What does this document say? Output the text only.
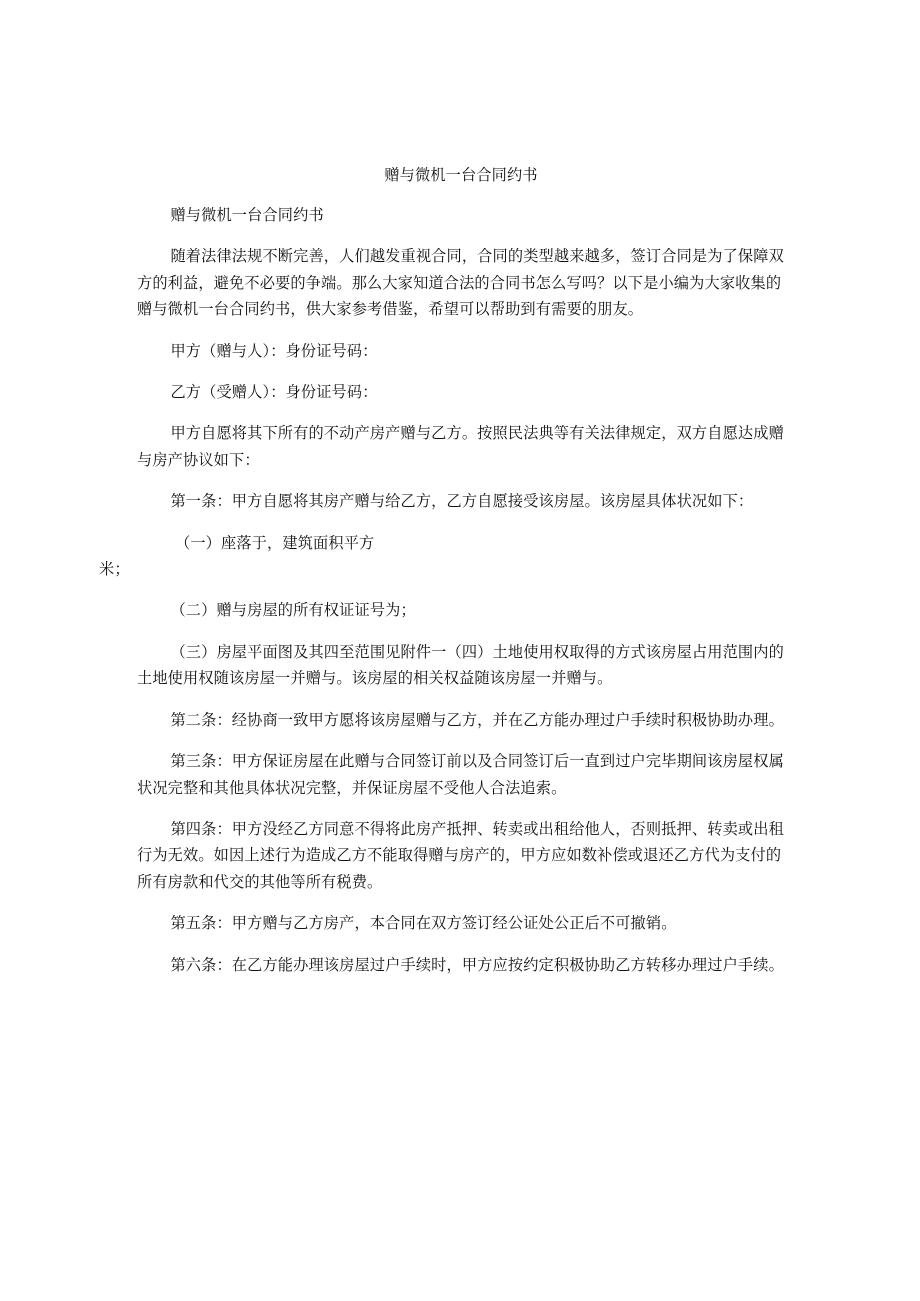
赠与微机一台合同约书

赠与微机一台合同约书

随着法律法规不断完善，人们越发重视合同，合同的类型越来越多，签订合同是为了保障双方的利益，避免不必要的争端。那么大家知道合法的合同书怎么写吗？以下是小编为大家收集的赠与微机一台合同约书，供大家参考借鉴，希望可以帮助到有需要的朋友。

甲方（赠与人）：身份证号码：

乙方（受赠人）：身份证号码：

甲方自愿将其下所有的不动产房产赠与乙方。按照民法典等有关法律规定，双方自愿达成赠与房产协议如下：

第一条：甲方自愿将其房产赠与给乙方，乙方自愿接受该房屋。该房屋具体状况如下：

（一）座落于，建筑面积平方
米；

（二）赠与房屋的所有权证证号为；

（三）房屋平面图及其四至范围见附件一（四）土地使用权取得的方式该房屋占用范围内的土地使用权随该房屋一并赠与。该房屋的相关权益随该房屋一并赠与。

第二条：经协商一致甲方愿将该房屋赠与乙方，并在乙方能办理过户手续时积极协助办理。

第三条：甲方保证房屋在此赠与合同签订前以及合同签订后一直到过户完毕期间该房屋权属状况完整和其他具体状况完整，并保证房屋不受他人合法追索。

第四条：甲方没经乙方同意不得将此房产抵押、转卖或出租给他人，否则抵押、转卖或出租行为无效。如因上述行为造成乙方不能取得赠与房产的，甲方应如数补偿或退还乙方代为支付的所有房款和代交的其他等所有税费。

第五条：甲方赠与乙方房产，本合同在双方签订经公证处公正后不可撤销。

第六条：在乙方能办理该房屋过户手续时，甲方应按约定积极协助乙方转移办理过户手续。
